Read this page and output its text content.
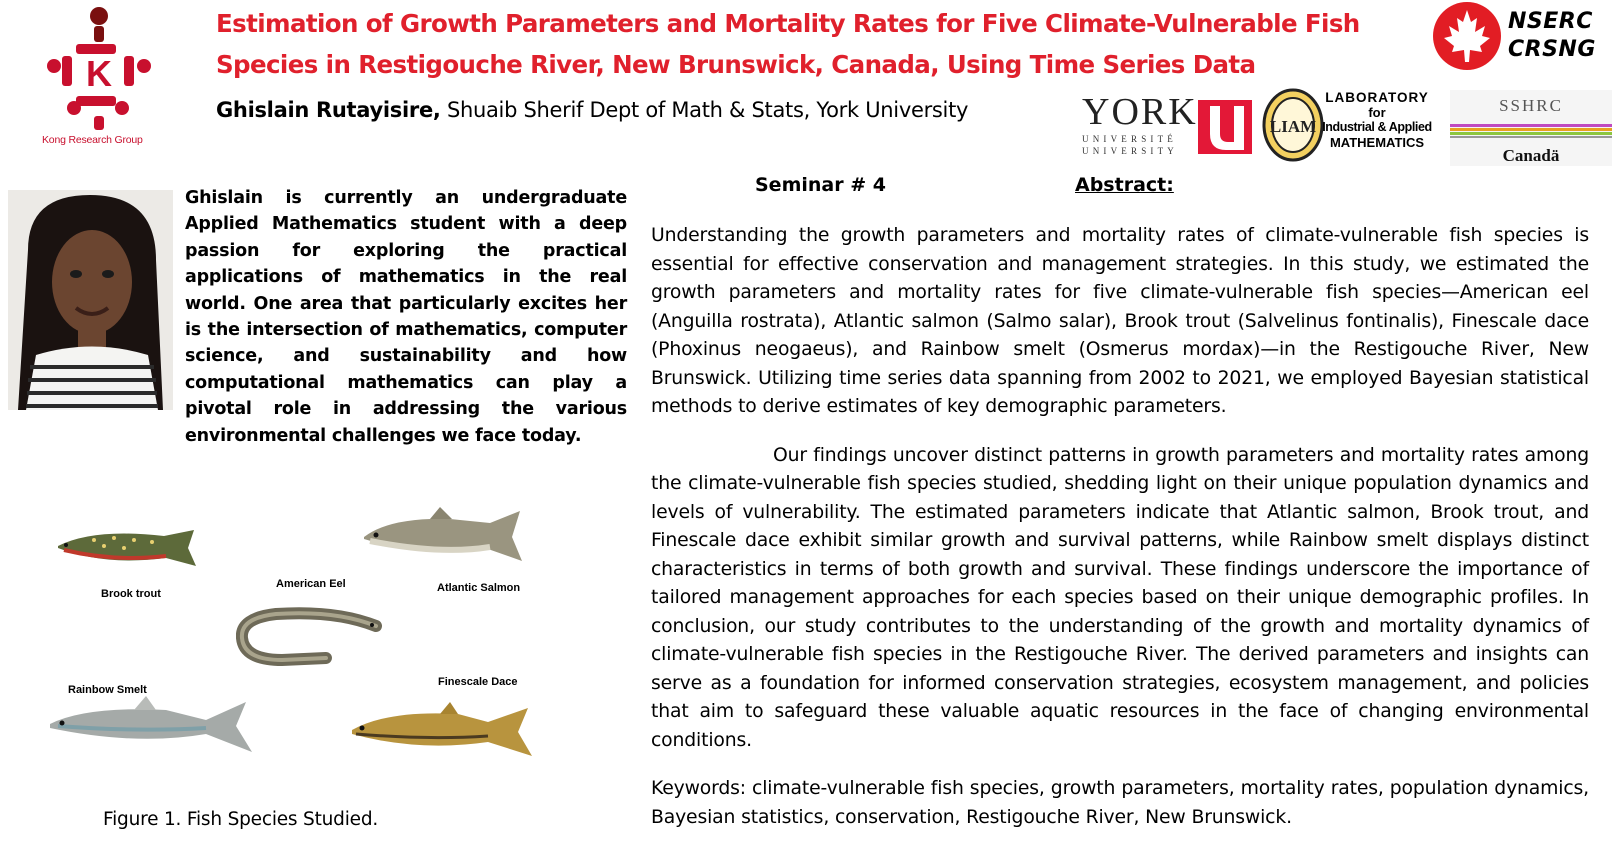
K
Kong Research Group
Estimation of Growth Parameters and Mortality Rates for Five Climate-Vulnerable Fish Species in Restigouche River, New Brunswick, Canada, Using Time Series Data
Ghislain Rutayisire, Shuaib Sherif Dept of Math & Stats, York University
NSERC
CRSNG
YORK
UNIVERSITÉ
UNIVERSITY
LIAM
LABORATORY
for
Industrial & Applied
MATHEMATICS
SSHRC
Canadä

Ghislain is currently an undergraduate Applied Mathematics student with a deep passion for exploring the practical applications of mathematics in the real world. One area that particularly excites her is the intersection of mathematics, computer science, and sustainability and how computational mathematics can play a pivotal role in addressing the various environmental challenges we face today.

Brook trout	Atlantic Salmon
American Eel
Rainbow Smelt
Finescale Dace
Figure 1. Fish Species Studied.
Seminar # 4	Abstract:

Understanding the growth parameters and mortality rates of climate-vulnerable fish species is essential for effective conservation and management strategies. In this study, we estimated the growth parameters and mortality rates for five climate-vulnerable fish species—American eel (Anguilla rostrata), Atlantic salmon (Salmo salar), Brook trout (Salvelinus fontinalis), Finescale dace (Phoxinus neogaeus), and Rainbow smelt (Osmerus mordax)—in the Restigouche River, New Brunswick. Utilizing time series data spanning from 2002 to 2021, we employed Bayesian statistical methods to derive estimates of key demographic parameters.

Our findings uncover distinct patterns in growth parameters and mortality rates among the climate-vulnerable fish species studied, shedding light on their unique population dynamics and levels of vulnerability. The estimated parameters indicate that Atlantic salmon, Brook trout, and Finescale dace exhibit similar growth and survival patterns, while Rainbow smelt displays distinct characteristics in terms of both growth and survival. These findings underscore the importance of tailored management approaches for each species based on their unique demographic profiles. In conclusion, our study contributes to the understanding of the growth and mortality dynamics of climate-vulnerable fish species in the Restigouche River. The derived parameters and insights can serve as a foundation for informed conservation strategies, ecosystem management, and policies that aim to safeguard these valuable aquatic resources in the face of changing environmental conditions.

Keywords: climate-vulnerable fish species, growth parameters, mortality rates, population dynamics, Bayesian statistics, conservation, Restigouche River, New Brunswick.
